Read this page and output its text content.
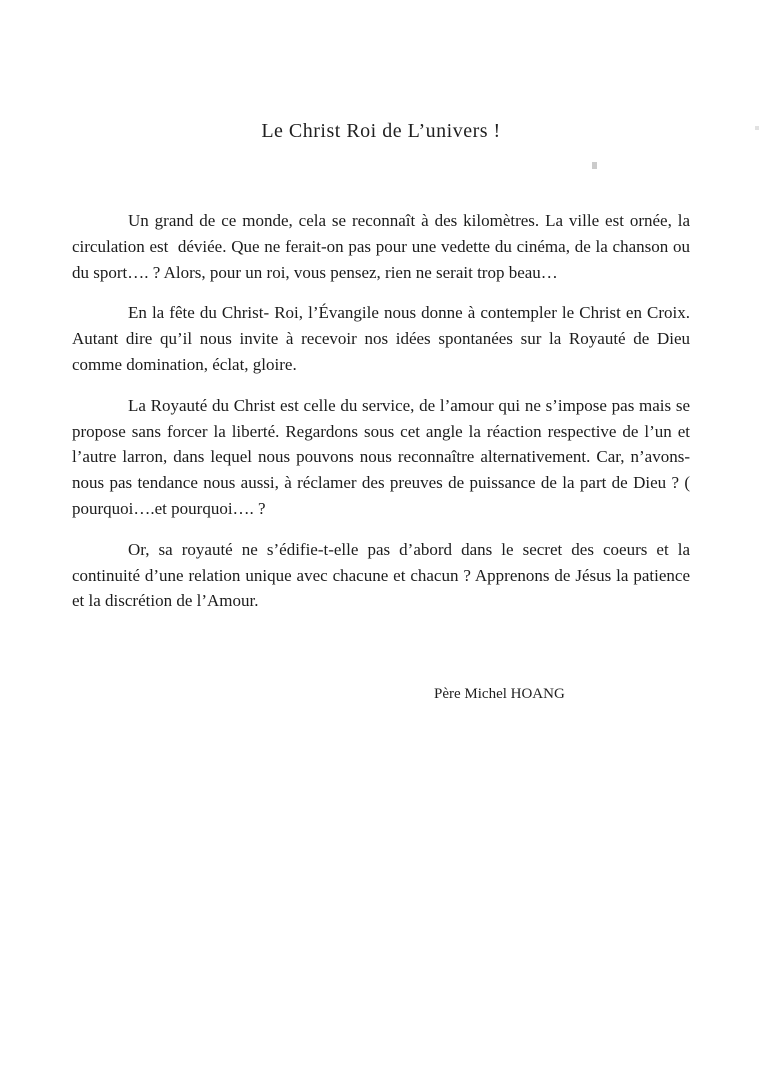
Le Christ Roi de L’univers !

Un grand de ce monde, cela se reconnaît à des kilomètres. La ville est ornée, la circulation est  déviée. Que ne ferait-on pas pour une vedette du cinéma, de la chanson ou du sport…. ? Alors, pour un roi, vous pensez, rien ne serait trop beau…

En la fête du Christ- Roi, l’Évangile nous donne à contempler le Christ en Croix. Autant dire qu’il nous invite à recevoir nos idées spontanées sur la Royauté de Dieu comme domination, éclat, gloire.

La Royauté du Christ est celle du service, de l’amour qui ne s’impose pas mais se propose sans forcer la liberté. Regardons sous cet angle la réaction respective de l’un et l’autre larron, dans lequel nous pouvons nous reconnaître alternativement. Car, n’avons-nous pas tendance nous aussi, à réclamer des preuves de puissance de la part de Dieu ? ( pourquoi….et pourquoi…. ?

Or, sa royauté ne s’édifie-t-elle pas d’abord dans le secret des coeurs et la continuité d’une relation unique avec chacune et chacun ? Apprenons de Jésus la patience et la discrétion de l’Amour.

Père Michel HOANG
